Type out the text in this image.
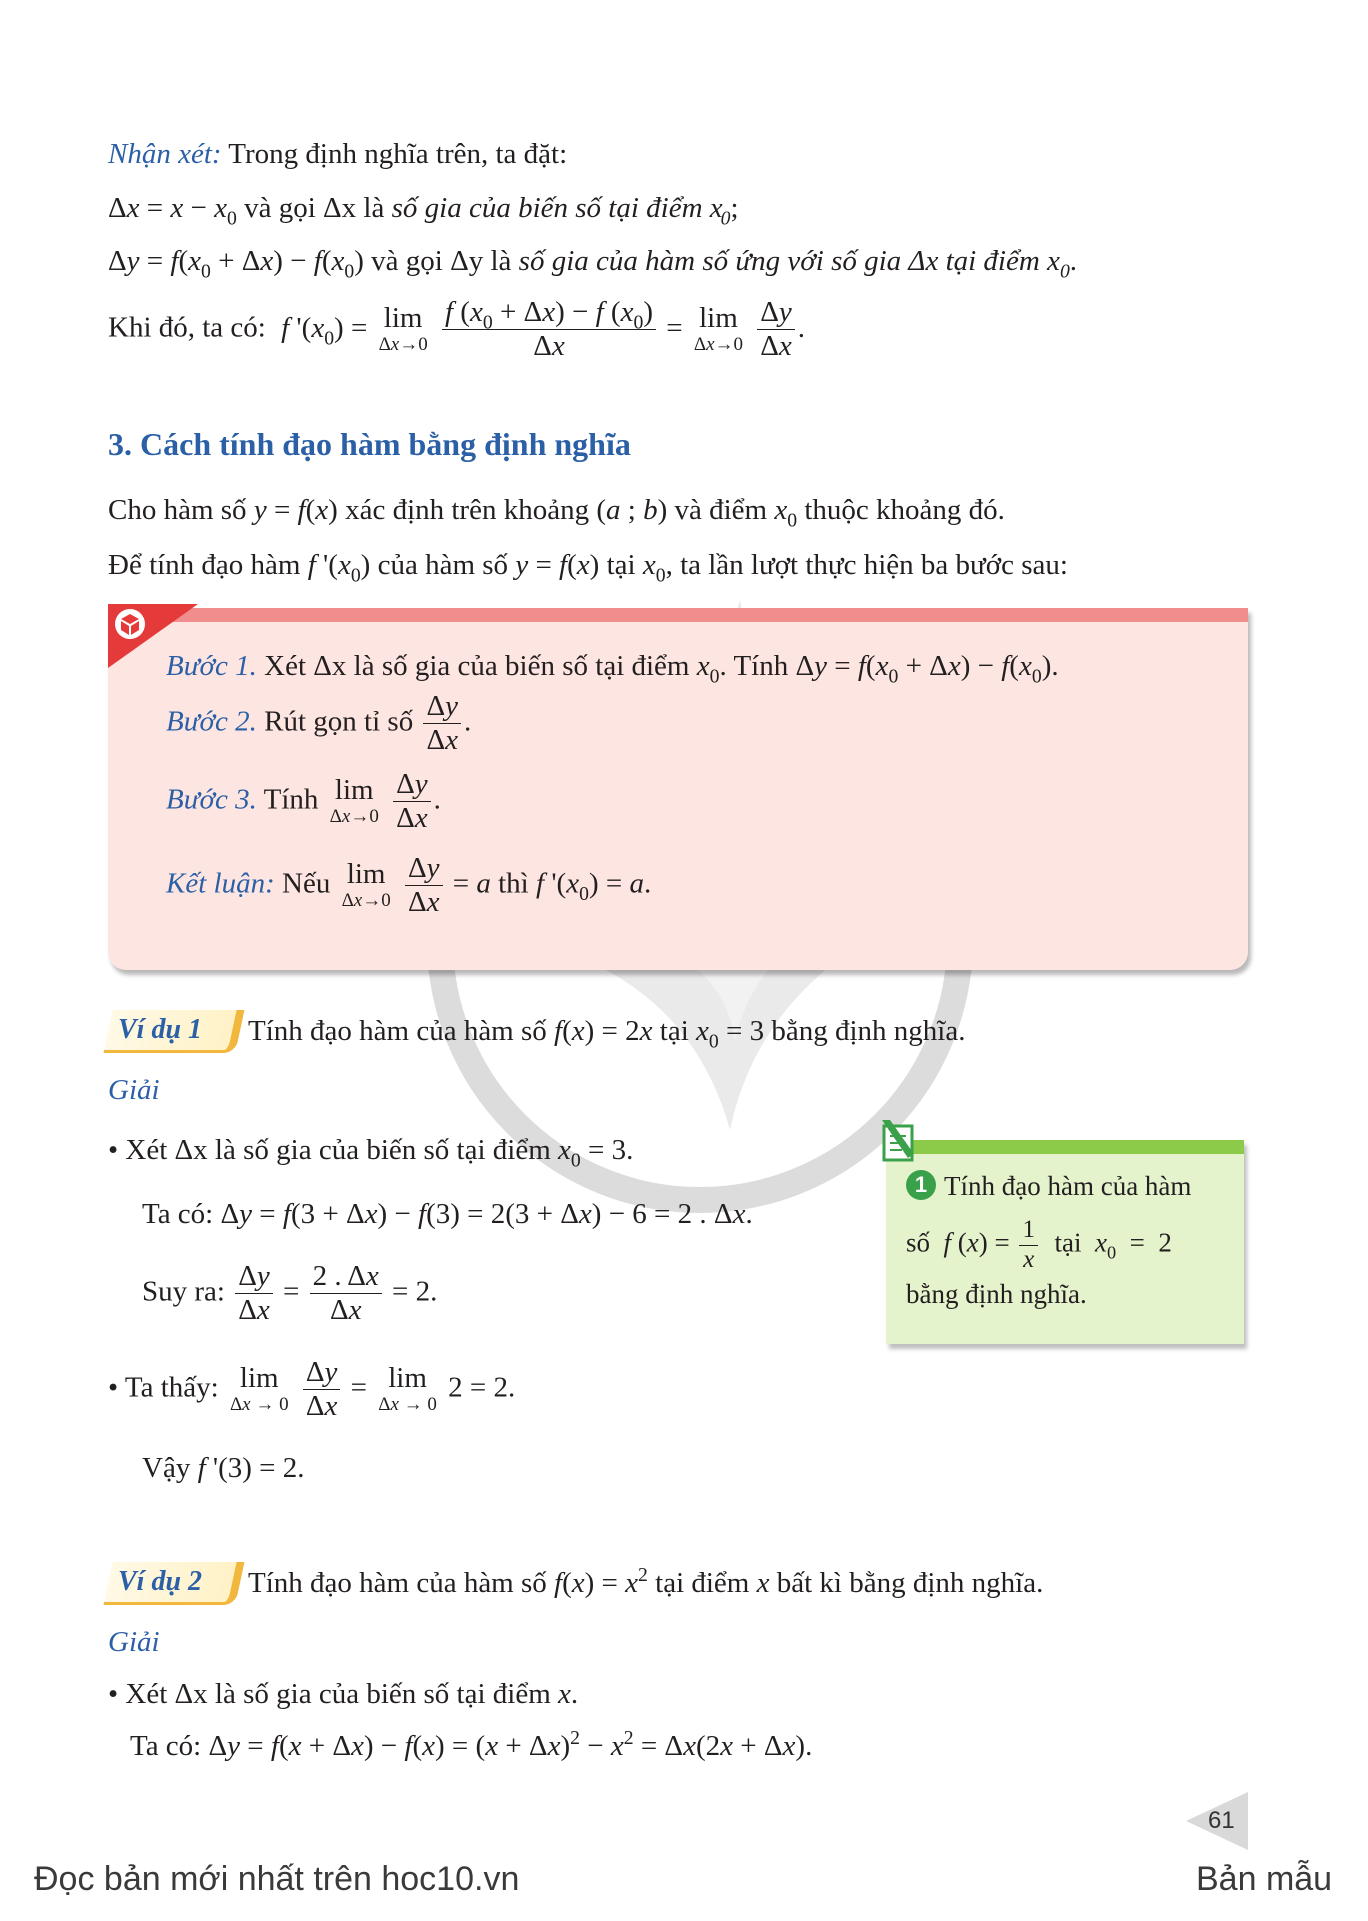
Nhận xét: Trong định nghĩa trên, ta đặt:
$\Delta x = x - x_0$ và gọi Δx là số gia của biến số tại điểm $x_0$;
$\Delta y = f(x_0 + \Delta x) - f(x_0)$ và gọi Δy là số gia của hàm số ứng với số gia Δx tại điểm $x_0$.
Khi đó, ta có: f '$(x_0) = \lim$
Δx→0
$\frac{f (x_0 + \Delta x) - f (x_0)}{\Delta x} = \lim$
Δx→0
$\frac{\Delta y}{\Delta x}$ .
3. Cách tính đạo hàm bằng định nghĩa
Cho hàm số y = f(x) xác định trên khoảng (a ; b) và điểm $x_0$ thuộc khoảng đó.
Để tính đạo hàm f '$(x_0)$ của hàm số y = f(x) tại $x_0$, ta lần lượt thực hiện ba bước sau:
Bước 1. Xét Δx là số gia của biến số tại điểm $x_0$. Tính $\Delta y = f(x_0 + \Delta x) - f(x_0)$.
Bước 2. Rút gọn tỉ số $\frac{\Delta y}{\Delta x}$ .
Bước 3. Tính lim
Δx→0
$\frac{\Delta y}{\Delta x}$ .
Kết luận: Nếu lim
Δx→0
$\frac{\Delta y}{\Delta x} = a$ thì f '$(x_0) = a$.
Ví dụ 1 Tính đạo hàm của hàm số f(x) = 2x tại $x_0 = 3$ bằng định nghĩa.
Giải
• Xét Δx là số gia của biến số tại điểm $x_0 = 3$.
Ta có: Δy = f(3 + Δx) − f(3) = 2(3 + Δx) − 6 = 2 . Δx.
Suy ra: $\frac{\Delta y}{\Delta x} = \frac{2 . \Delta x}{\Delta x} = 2$.
• Ta thấy: lim
Δx → 0
$\frac{\Delta y}{\Delta x} = \lim$
Δx → 0
2 = 2.
Vậy f '(3) = 2.
1 Tính đạo hàm của hàm
số f $(x) = \frac{1}{x}$ tại $x_0 = 2$
bằng định nghĩa.
Ví dụ 2 Tính đạo hàm của hàm số $f(x) = x^2$ tại điểm x bất kì bằng định nghĩa.
Giải
• Xét Δx là số gia của biến số tại điểm x.
Ta có: $\Delta y = f(x + \Delta x) - f(x) = (x + \Delta x)^2 - x^2 = \Delta x(2x + \Delta x)$.
61
Đọc bản mới nhất trên hoc10.vn	Bản mẫu
